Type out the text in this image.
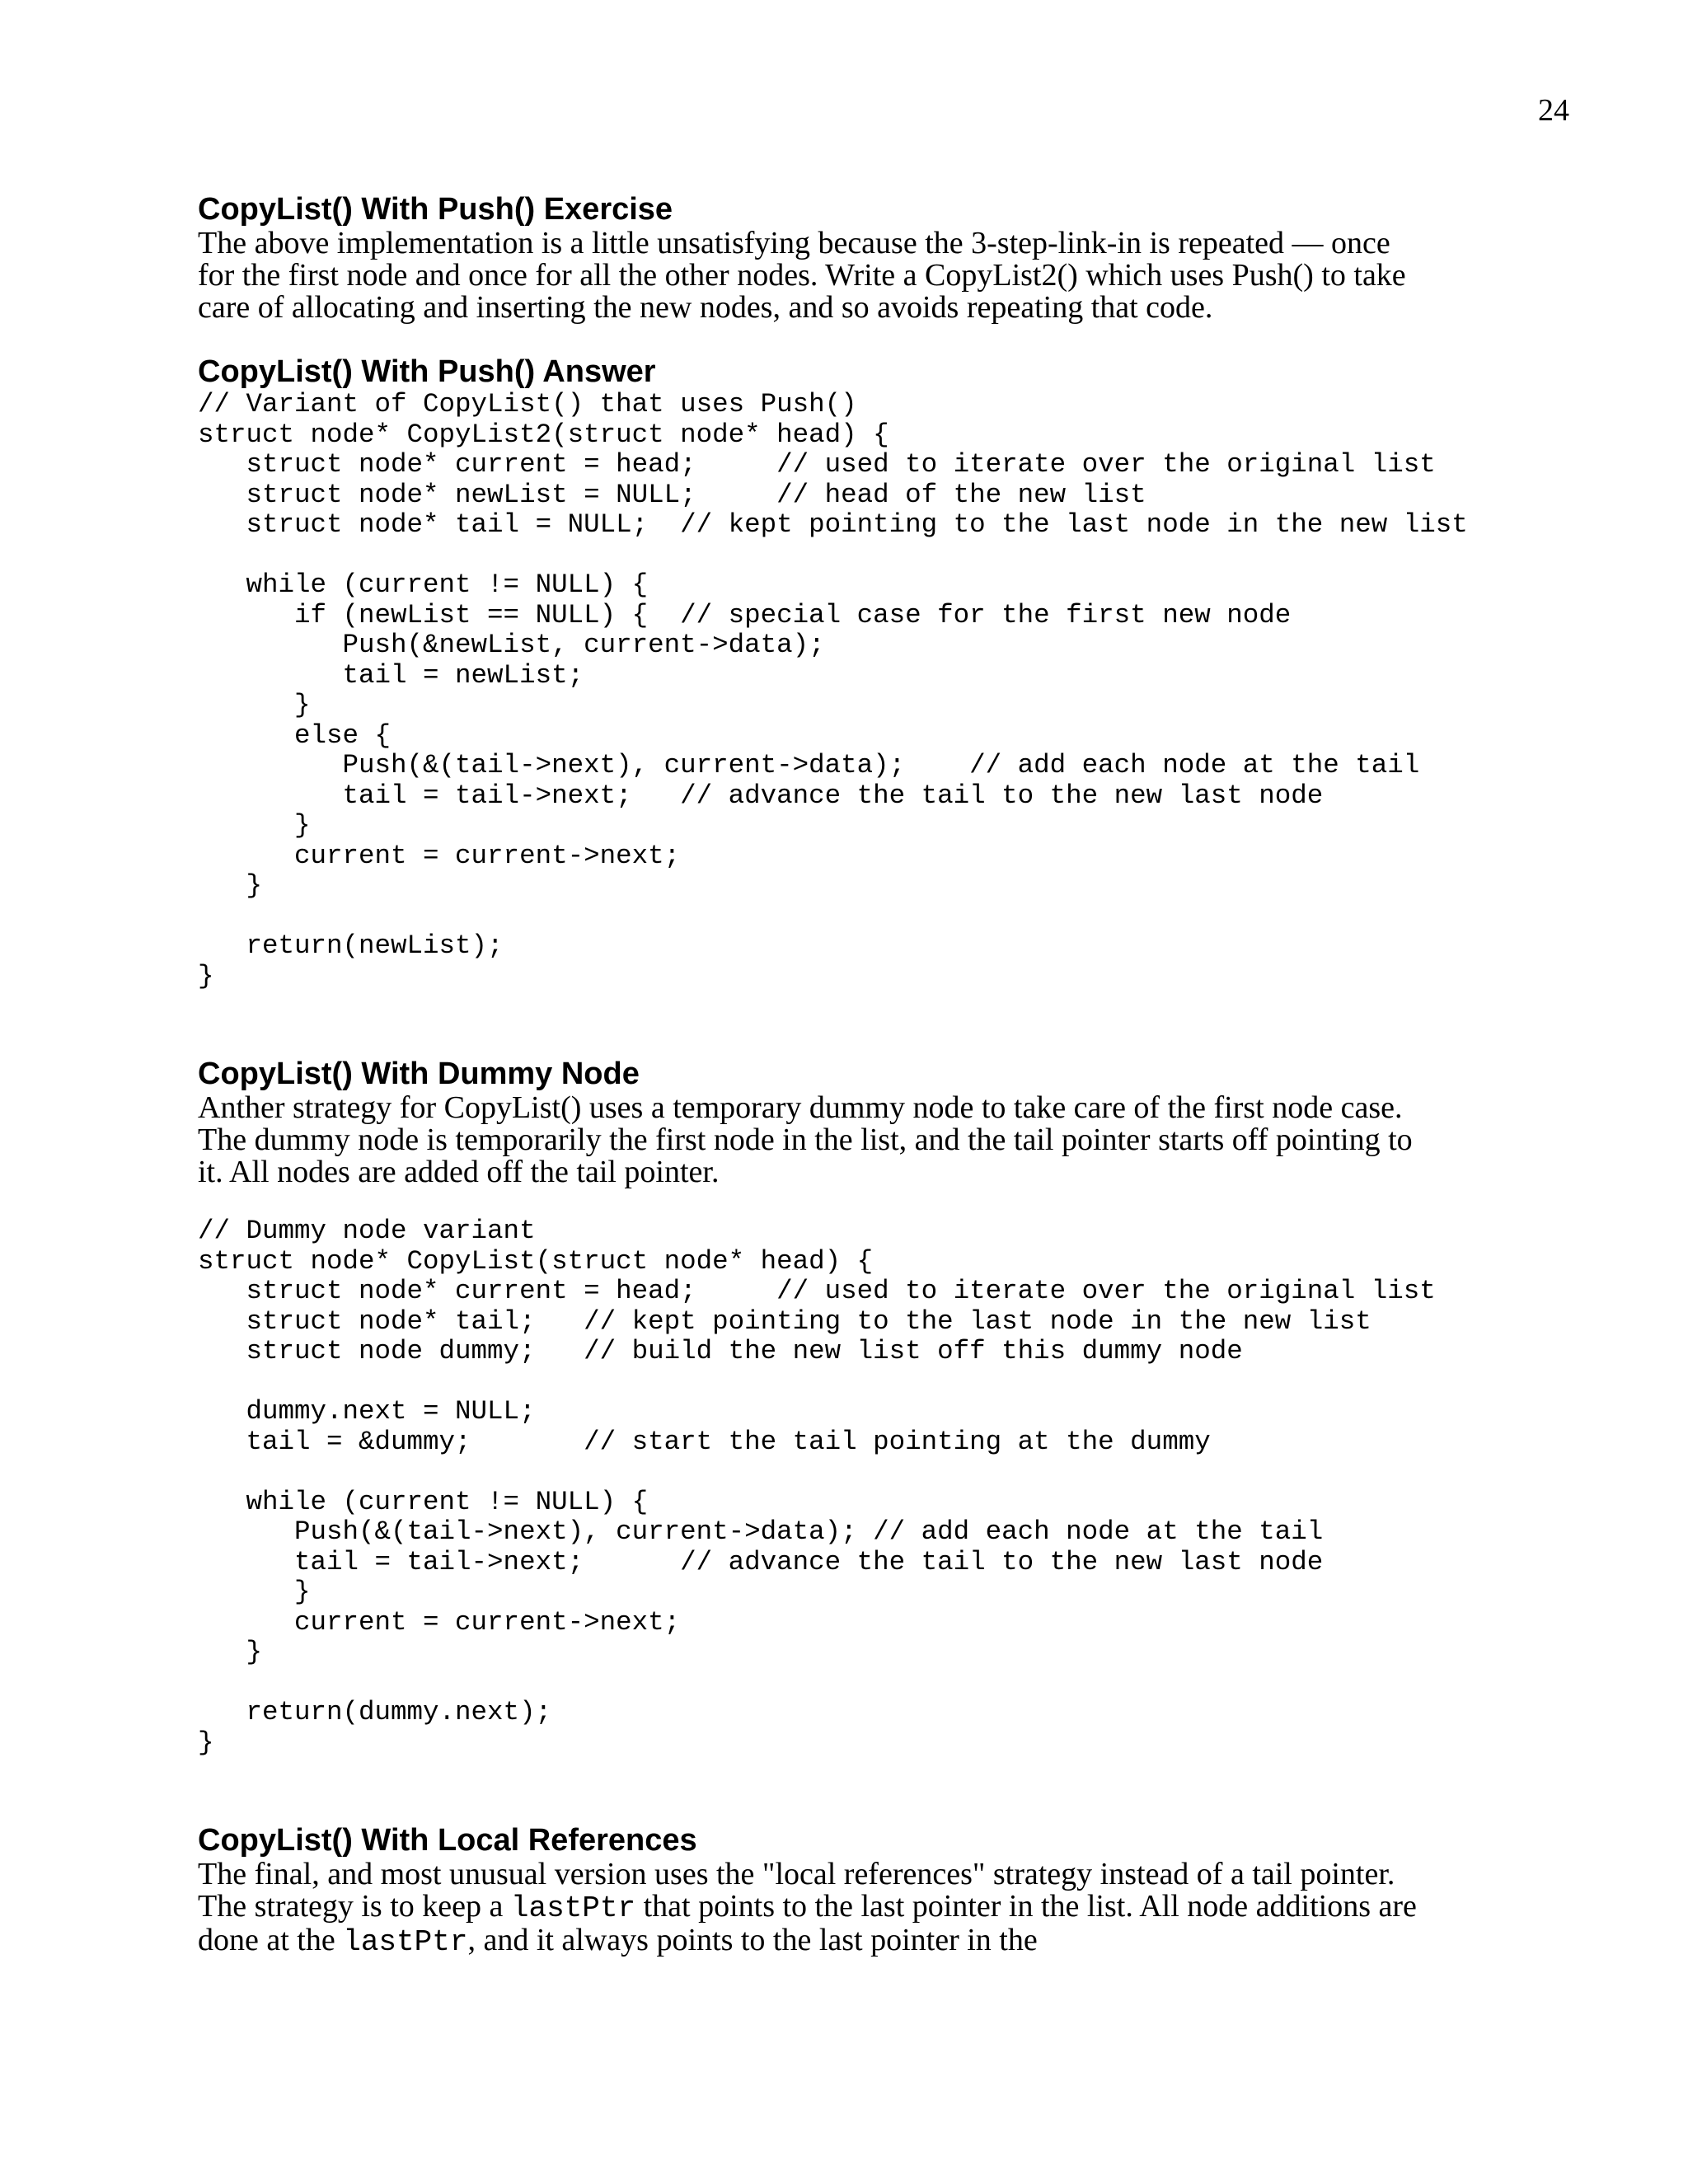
24
CopyList() With Push() Exercise

The above implementation is a little unsatisfying because the 3-step-link-in is repeated — once for the first node and once for all the other nodes. Write a CopyList2() which uses Push() to take care of allocating and inserting the new nodes, and so avoids repeating that code.

CopyList() With Push() Answer
// Variant of CopyList() that uses Push()
struct node* CopyList2(struct node* head) {
struct node* current = head;     // used to iterate over the original list
struct node* newList = NULL;     // head of the new list
struct node* tail = NULL;  // kept pointing to the last node in the new list

while (current != NULL) {
if (newList == NULL) {  // special case for the first new node
Push(&newList, current->data);
tail = newList;
}
else {
Push(&(tail->next), current->data);    // add each node at the tail
tail = tail->next;   // advance the tail to the new last node
}
current = current->next;
}

return(newList);
}
CopyList() With Dummy Node

Anther strategy for CopyList() uses a temporary dummy node to take care of the first node case. The dummy node is temporarily the first node in the list, and the tail pointer starts off pointing to it. All nodes are added off the tail pointer.

// Dummy node variant
struct node* CopyList(struct node* head) {
struct node* current = head;     // used to iterate over the original list
struct node* tail;   // kept pointing to the last node in the new list
struct node dummy;   // build the new list off this dummy node

dummy.next = NULL;
tail = &dummy;       // start the tail pointing at the dummy

while (current != NULL) {
Push(&(tail->next), current->data); // add each node at the tail
tail = tail->next;      // advance the tail to the new last node
}
current = current->next;
}

return(dummy.next);
}
CopyList() With Local References

The final, and most unusual version uses the "local references" strategy instead of a tail pointer. The strategy is to keep a lastPtr that points to the last pointer in the list. All node additions are done at the lastPtr, and it always points to the last pointer in the
